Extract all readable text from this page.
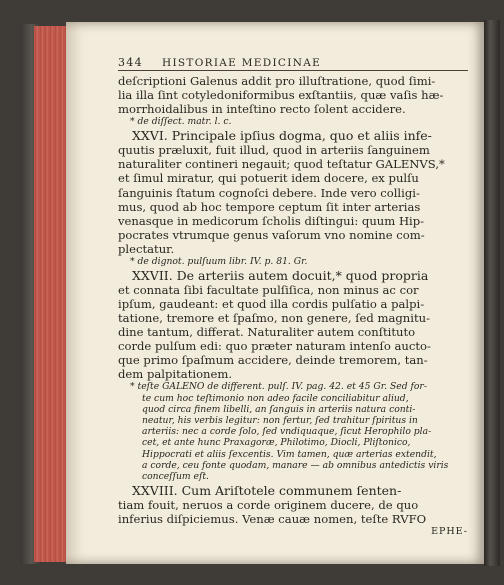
344	HISTORIAE MEDICINAE
deſcriptioni Galenus addit pro illuſtratione, quod ſimi-
lia illa ſint cotyledoniformibus exſtantiis, quæ vaſis hæ-
morrhoidalibus in inteſtino recto ſolent accidere.
* de diſſect. matr. l. c.
XXVI. Principale ipſius dogma, quo et aliis infe-
quutis præluxit, fuit illud, quod in arteriis ſanguinem
naturaliter contineri negauit; quod teſtatur GALENVS,*
et ſimul miratur, qui potuerit idem docere, ex pulſu
ſanguinis ſtatum cognoſci debere. Inde vero colligi-
mus, quod ab hoc tempore ceptum ſit inter arterias
venasque in medicorum ſcholis diſtingui: quum Hip-
pocrates vtrumque genus vaſorum vno nomine com-
plectatur.
* de dignot. pulſuum libr. IV. p. 81. Gr.
XXVII. De arteriis autem docuit,* quod propria
et connata ſibi facultate pulſiſica, non minus ac cor
ipſum, gaudeant: et quod illa cordis pulſatio a palpi-
tatione, tremore et ſpaſmo, non genere, ſed magnitu-
dine tantum, differat. Naturaliter autem conſtituto
corde pulſum edi: quo præter naturam intenſo aucto-
que primo ſpaſmum accidere, deinde tremorem, tan-
dem palpitationem.
* teſte GALENO de different. pulſ. IV. pag. 42. et 45 Gr. Sed for-
te cum hoc teſtimonio non adeo facile conciliabitur aliud,
quod circa finem libelli, an ſanguis in arteriis natura conti-
neatur, his verbis legitur: non fertur, ſed trahitur ſpiritus in
arteriis: nec a corde ſolo, ſed vndiquaque, ſicut Herophilo pla-
cet, et ante hunc Praxagoræ, Philotimo, Diocli, Pliſtonico,
Hippocrati et aliis ſexcentis. Vim tamen, quæ arterias extendit,
a corde, ceu fonte quodam, manare — ab omnibus antedictis viris
conceſſum eſt.
XXVIII. Cum Ariſtotele communem ſenten-
tiam fouit, neruos a corde originem ducere, de quo
inferius diſpiciemus. Venæ cauæ nomen, teſte RVFO
EPHE-
